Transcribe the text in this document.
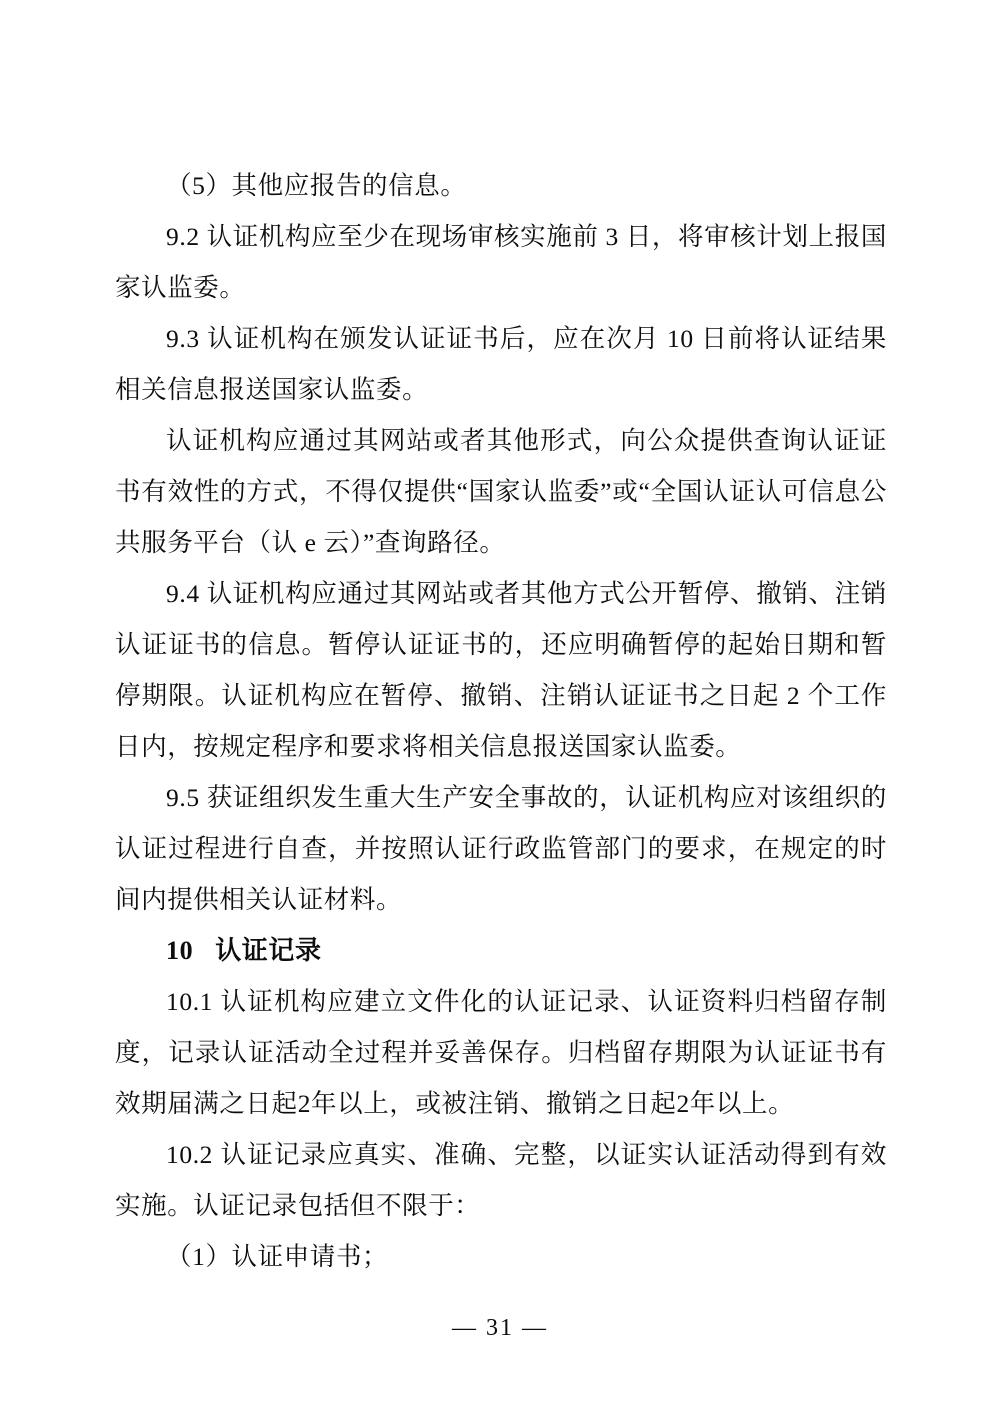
（5）其他应报告的信息。

9.2 认证机构应至少在现场审核实施前 3 日，将审核计划上报国家认监委。

9.3 认证机构在颁发认证证书后，应在次月 10 日前将认证结果相关信息报送国家认监委。

认证机构应通过其网站或者其他形式，向公众提供查询认证证书有效性的方式，不得仅提供“国家认监委”或“全国认证认可信息公共服务平台（认 e 云）”查询路径。

9.4 认证机构应通过其网站或者其他方式公开暂停、撤销、注销认证证书的信息。暂停认证证书的，还应明确暂停的起始日期和暂停期限。认证机构应在暂停、撤销、注销认证证书之日起 2 个工作日内，按规定程序和要求将相关信息报送国家认监委。

9.5 获证组织发生重大生产安全事故的，认证机构应对该组织的认证过程进行自查，并按照认证行政监管部门的要求，在规定的时间内提供相关认证材料。

10 认证记录

10.1 认证机构应建立文件化的认证记录、认证资料归档留存制度，记录认证活动全过程并妥善保存。归档留存期限为认证证书有效期届满之日起2年以上，或被注销、撤销之日起2年以上。

10.2 认证记录应真实、准确、完整，以证实认证活动得到有效实施。认证记录包括但不限于：

（1）认证申请书；

— 31 —
